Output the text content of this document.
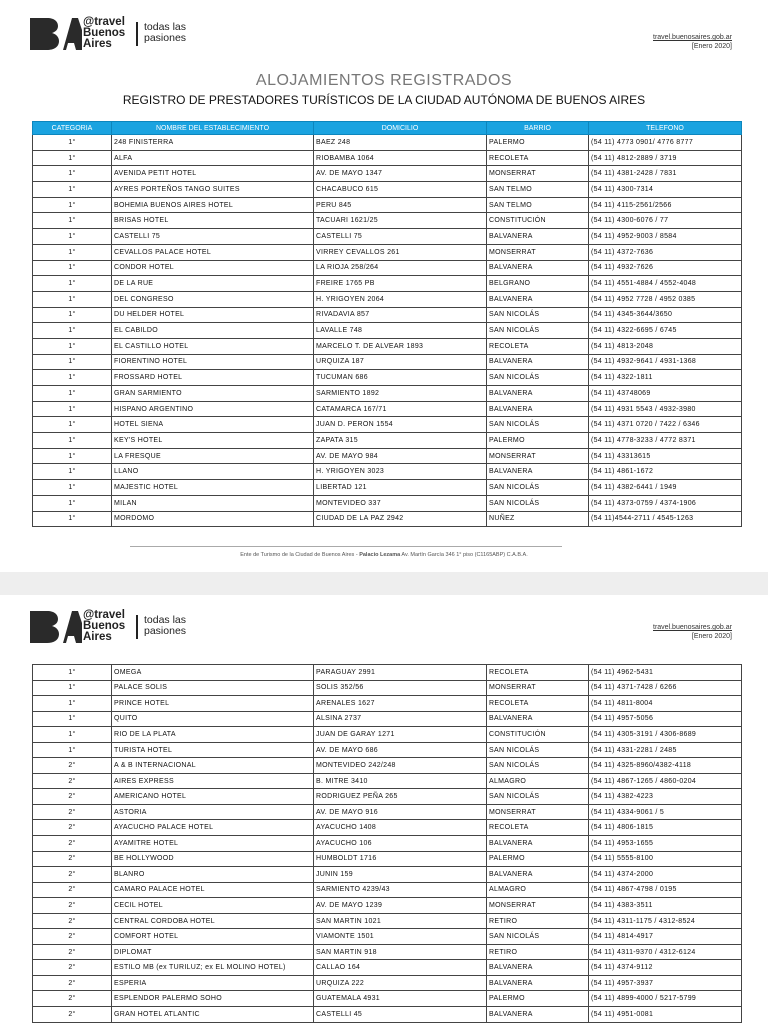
@travel
Buenos
Aires
todas las
pasiones	travel.buenosaires.gob.ar
[Enero 2020]
ALOJAMIENTOS REGISTRADOS
REGISTRO DE PRESTADORES TURÍSTICOS DE LA CIUDAD AUTÓNOMA DE BUENOS AIRES
CATEGORIA	NOMBRE DEL ESTABLECIMIENTO	DOMICILIO	BARRIO	TELEFONO
1°	248 FINISTERRA	BAEZ 248	PALERMO	(54 11) 4773 0901/ 4776 8777
1°	ALFA	RIOBAMBA 1064	RECOLETA	(54 11) 4812-2889 / 3719
1°	AVENIDA PETIT HOTEL	AV. DE MAYO 1347	MONSERRAT	(54 11) 4381-2428 / 7831
1°	AYRES PORTEÑOS TANGO SUITES	CHACABUCO 615	SAN TELMO	(54 11) 4300-7314
1°	BOHEMIA BUENOS AIRES HOTEL	PERU 845	SAN TELMO	(54 11) 4115-2561/2566
1°	BRISAS HOTEL	TACUARI 1621/25	CONSTITUCIÓN	(54 11) 4300-6076 / 77
1°	CASTELLI 75	CASTELLI 75	BALVANERA	(54 11) 4952-9003 / 8584
1°	CEVALLOS PALACE HOTEL	VIRREY CEVALLOS 261	MONSERRAT	(54 11) 4372-7636
1°	CONDOR HOTEL	LA RIOJA 258/264	BALVANERA	(54 11) 4932-7626
1°	DE LA RUE	FREIRE 1765 PB	BELGRANO	(54 11) 4551-4884 / 4552-4048
1°	DEL CONGRESO	H. YRIGOYEN 2064	BALVANERA	(54 11) 4952 7728 / 4952 0385
1°	DU HELDER HOTEL	RIVADAVIA 857	SAN NICOLÁS	(54 11) 4345-3644/3650
1°	EL CABILDO	LAVALLE 748	SAN NICOLÁS	(54 11) 4322-6695 / 6745
1°	EL CASTILLO HOTEL	MARCELO T. DE ALVEAR 1893	RECOLETA	(54 11) 4813-2048
1°	FIORENTINO HOTEL	URQUIZA 187	BALVANERA	(54 11) 4932-9641 / 4931-1368
1°	FROSSARD HOTEL	TUCUMAN 686	SAN NICOLÁS	(54 11) 4322-1811
1°	GRAN SARMIENTO	SARMIENTO 1892	BALVANERA	(54 11) 43748069
1°	HISPANO ARGENTINO	CATAMARCA 167/71	BALVANERA	(54 11) 4931 5543 / 4932-3980
1°	HOTEL SIENA	JUAN D. PERON 1554	SAN NICOLÁS	(54 11) 4371 0720 / 7422 / 6346
1°	KEY'S HOTEL	ZAPATA 315	PALERMO	(54 11) 4778-3233 / 4772 8371
1°	LA FRESQUE	AV. DE MAYO 984	MONSERRAT	(54 11) 43313615
1°	LLANO	H. YRIGOYEN 3023	BALVANERA	(54 11) 4861-1672
1°	MAJESTIC HOTEL	LIBERTAD 121	SAN NICOLÁS	(54 11) 4382-6441 / 1949
1°	MILAN	MONTEVIDEO 337	SAN NICOLÁS	(54 11) 4373-0759 / 4374-1906
1°	MORDOMO	CIUDAD DE LA PAZ 2942	NUÑEZ	(54 11)4544-2711 / 4545-1263
Ente de Turismo de la Ciudad de Buenos Aires - Palacio Lezama Av. Martín García 346 1° piso (C1165ABP) C.A.B.A.
@travel
Buenos
Aires
todas las
pasiones	travel.buenosaires.gob.ar
[Enero 2020]
1°	OMEGA	PARAGUAY 2991	RECOLETA	(54 11) 4962-5431
1°	PALACE SOLIS	SOLIS 352/56	MONSERRAT	(54 11) 4371-7428 / 6266
1°	PRINCE HOTEL	ARENALES 1627	RECOLETA	(54 11) 4811-8004
1°	QUITO	ALSINA 2737	BALVANERA	(54 11) 4957-5056
1°	RIO DE LA PLATA	JUAN DE GARAY 1271	CONSTITUCIÓN	(54 11) 4305-3191 / 4306-8689
1°	TURISTA HOTEL	AV. DE MAYO 686	SAN NICOLÁS	(54 11) 4331-2281 / 2485
2°	A & B INTERNACIONAL	MONTEVIDEO 242/248	SAN NICOLÁS	(54 11) 4325-8960/4382-4118
2°	AIRES EXPRESS	B. MITRE 3410	ALMAGRO	(54 11) 4867-1265 / 4860-0204
2°	AMERICANO HOTEL	RODRIGUEZ PEÑA 265	SAN NICOLÁS	(54 11) 4382-4223
2°	ASTORIA	AV. DE MAYO 916	MONSERRAT	(54 11) 4334-9061 / 5
2°	AYACUCHO PALACE HOTEL	AYACUCHO 1408	RECOLETA	(54 11) 4806-1815
2°	AYAMITRE HOTEL	AYACUCHO 106	BALVANERA	(54 11) 4953-1655
2°	BE HOLLYWOOD	HUMBOLDT 1716	PALERMO	(54 11) 5555-8100
2°	BLANRO	JUNIN 159	BALVANERA	(54 11) 4374-2000
2°	CAMARO PALACE HOTEL	SARMIENTO 4239/43	ALMAGRO	(54 11) 4867-4798 / 0195
2°	CECIL HOTEL	AV. DE MAYO 1239	MONSERRAT	(54 11) 4383-3511
2°	CENTRAL CORDOBA HOTEL	SAN MARTIN 1021	RETIRO	(54 11) 4311-1175 / 4312-8524
2°	COMFORT HOTEL	VIAMONTE 1501	SAN NICOLÁS	(54 11) 4814-4917
2°	DIPLOMAT	SAN MARTIN 918	RETIRO	(54 11) 4311-9370 / 4312-6124
2°	ESTILO MB (ex TURILUZ; ex EL MOLINO HOTEL)	CALLAO 164	BALVANERA	(54 11) 4374-9112
2°	ESPERIA	URQUIZA 222	BALVANERA	(54 11) 4957-3937
2°	ESPLENDOR PALERMO SOHO	GUATEMALA 4931	PALERMO	(54 11) 4899-4000 / 5217-5799
2°	GRAN HOTEL ATLANTIC	CASTELLI 45	BALVANERA	(54 11) 4951-0081
